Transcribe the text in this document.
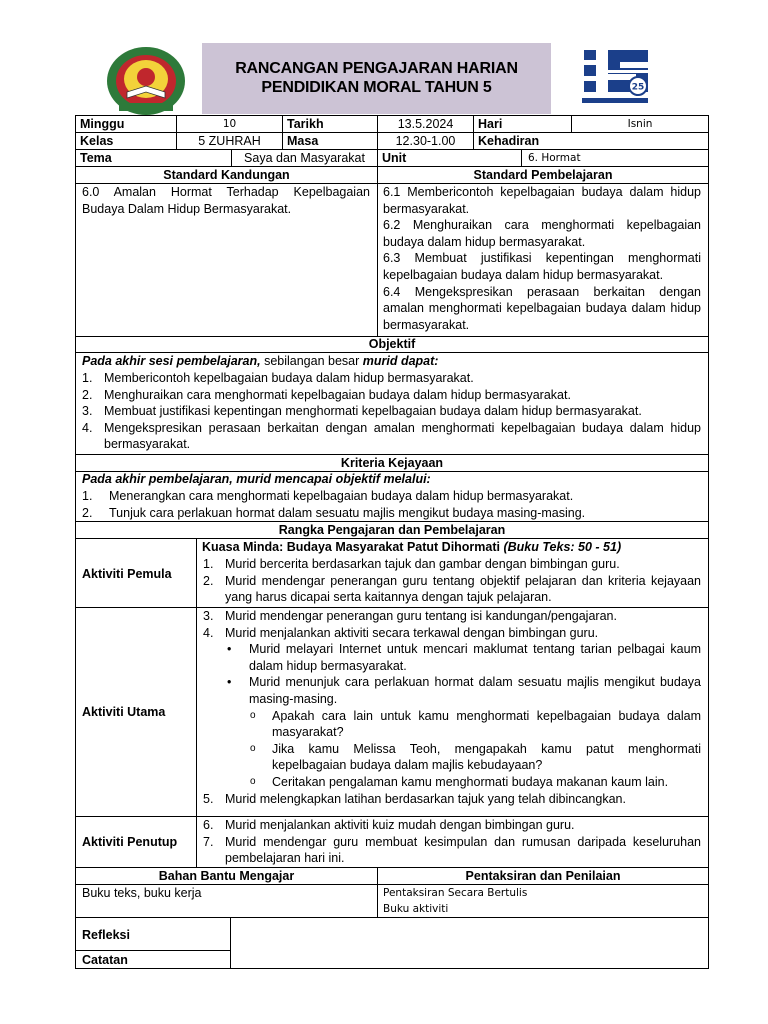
RANCANGAN PENGAJARAN HARIAN
PENDIDIKAN MORAL TAHUN 5	25
Minggu	10	Tarikh	13.5.2024	Hari	Isnin
Kelas	5 ZUHRAH	Masa	12.30-1.00	Kehadiran
Tema	Saya dan Masyarakat	Unit	6. Hormat
Standard Kandungan	Standard Pembelajaran
6.0 Amalan Hormat Terhadap Kepelbagaian Budaya Dalam Hidup Bermasyarakat.
6.1 Membericontoh kepelbagaian budaya dalam hidup bermasyarakat.
6.2 Menghuraikan cara menghormati kepelbagaian budaya dalam hidup bermasyarakat.
6.3 Membuat justifikasi kepentingan menghormati kepelbagaian budaya dalam hidup bermasyarakat.
6.4 Mengekspresikan perasaan berkaitan dengan amalan menghormati kepelbagaian budaya dalam hidup bermasyarakat.
Objektif
Pada akhir sesi pembelajaran, sebilangan besar murid dapat:
1. Membericontoh kepelbagaian budaya dalam hidup bermasyarakat.
2. Menghuraikan cara menghormati kepelbagaian budaya dalam hidup bermasyarakat.
3. Membuat justifikasi kepentingan menghormati kepelbagaian budaya dalam hidup bermasyarakat.
4. Mengekspresikan perasaan berkaitan dengan amalan menghormati kepelbagaian budaya dalam hidup bermasyarakat.
Kriteria Kejayaan
Pada akhir pembelajaran, murid mencapai objektif melalui:
1. Menerangkan cara menghormati kepelbagaian budaya dalam hidup bermasyarakat.
2. Tunjuk cara perlakuan hormat dalam sesuatu majlis mengikut budaya masing-masing.
Rangka Pengajaran dan Pembelajaran
Aktiviti Pemula
Kuasa Minda: Budaya Masyarakat Patut Dihormati (Buku Teks: 50 - 51)
1. Murid bercerita berdasarkan tajuk dan gambar dengan bimbingan guru.
2. Murid mendengar penerangan guru tentang objektif pelajaran dan kriteria kejayaan yang harus dicapai serta kaitannya dengan tajuk pelajaran.
Aktiviti Utama
3. Murid mendengar penerangan guru tentang isi kandungan/pengajaran.
4. Murid menjalankan aktiviti secara terkawal dengan bimbingan guru.
• Murid melayari Internet untuk mencari maklumat tentang tarian pelbagai kaum dalam hidup bermasyarakat.
• Murid menunjuk cara perlakuan hormat dalam sesuatu majlis mengikut budaya masing-masing.
o Apakah cara lain untuk kamu menghormati kepelbagaian budaya dalam masyarakat?
o Jika kamu Melissa Teoh, mengapakah kamu patut menghormati kepelbagaian budaya dalam majlis kebudayaan?
o Ceritakan pengalaman kamu menghormati budaya makanan kaum lain.
5. Murid melengkapkan latihan berdasarkan tajuk yang telah dibincangkan.
Aktiviti Penutup
6. Murid menjalankan aktiviti kuiz mudah dengan bimbingan guru.
7. Murid mendengar guru membuat kesimpulan dan rumusan daripada keseluruhan pembelajaran hari ini.
Bahan Bantu Mengajar	Pentaksiran dan Penilaian
Buku teks, buku kerja	Pentaksiran Secara Bertulis
Buku aktiviti
Refleksi
Catatan
